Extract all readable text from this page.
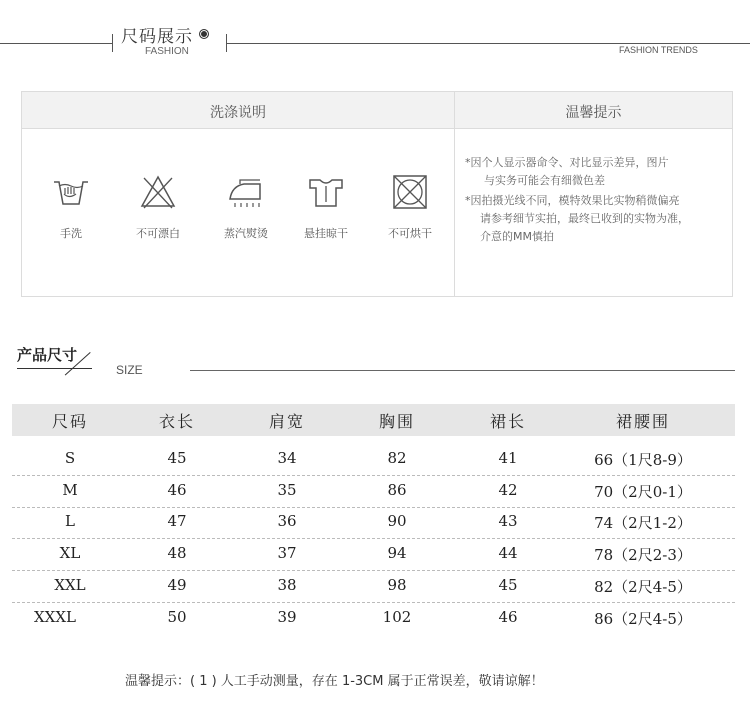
尺码展示
FASHION	FASHION TRENDS
洗涤说明	温馨提示
手洗	不可漂白	蒸汽熨烫	悬挂晾干	不可烘干
*因个人显示器命令、对比显示差异，图片
与实务可能会有细微色差
*因拍摄光线不同，模特效果比实物稍微偏亮
请参考细节实拍，最终已收到的实物为准，
介意的MM慎拍
产品尺寸
SIZE
尺码	衣长	肩宽	胸围	裙长	裙腰围
S	45	34	82	41	66（1尺8-9）
M	46	35	86	42	70（2尺0-1）
L	47	36	90	43	74（2尺1-2）
XL	48	37	94	44	78（2尺2-3）
XXL	49	38	98	45	82（2尺4-5）
XXXL	50	39	102	46	86（2尺4-5）
温馨提示：( 1 ) 人工手动测量，存在 1-3CM 属于正常误差，敬请谅解！
